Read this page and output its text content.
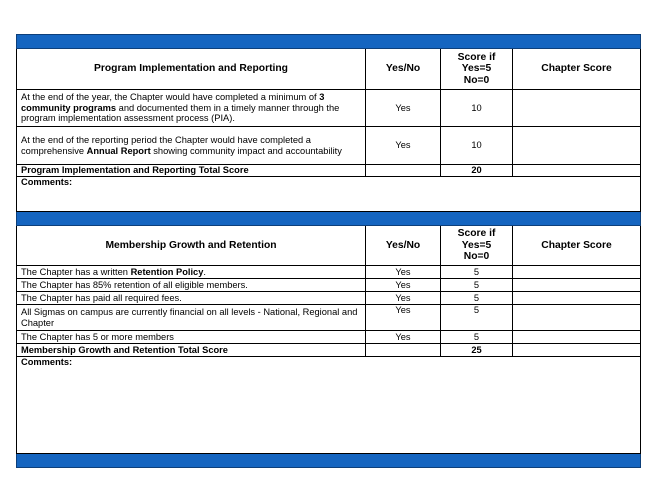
Program Implementation and Reporting	Yes/No	Score if
Yes=5
No=0	Chapter Score
At the end of the year, the Chapter would have completed a minimum of 3 community programs and documented them in a timely manner through the program implementation assessment process (PIA).	Yes	10	
At the end of the reporting period the Chapter would have completed a comprehensive Annual Report showing community impact and accountability	Yes	10	
Program Implementation and Reporting Total Score		20	
Comments:			

Membership Growth and Retention	Yes/No	Score if
Yes=5
No=0	Chapter Score
The Chapter has a written Retention Policy.	Yes	5	
The Chapter has 85% retention of all eligible members.	Yes	5	
The Chapter has paid all required fees.	Yes	5	
All Sigmas on campus are currently financial on all levels - National, Regional and Chapter	Yes	5	
The Chapter has 5 or more members	Yes	5	
Membership Growth and Retention Total Score		25	
Comments:			
